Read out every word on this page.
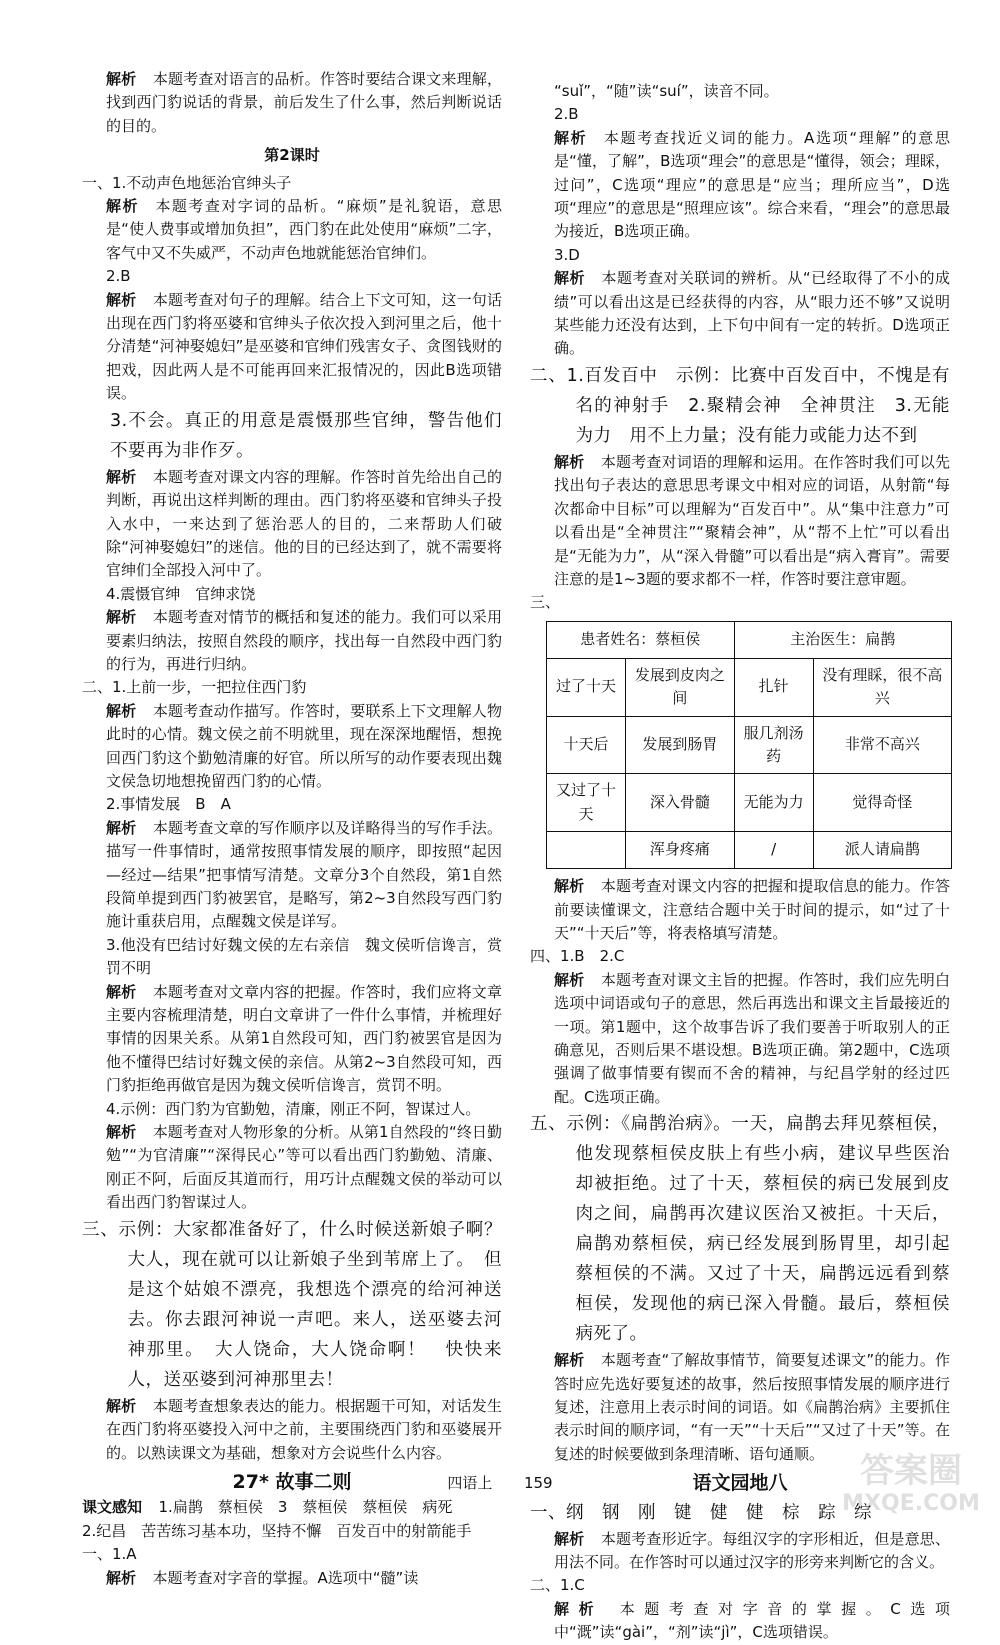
解析 本题考查对语言的品析。作答时要结合课文来理解，找到西门豹说话的背景，前后发生了什么事，然后判断说话的目的。

第2课时

一、1.不动声色地惩治官绅头子

解析 本题考查对字词的品析。“麻烦”是礼貌语，意思是“使人费事或增加负担”，西门豹在此处使用“麻烦”二字，客气中又不失威严，不动声色地就能惩治官绅们。

2.B

解析 本题考查对句子的理解。结合上下文可知，这一句话出现在西门豹将巫婆和官绅头子依次投入到河里之后，他十分清楚“河神娶媳妇”是巫婆和官绅们残害女子、贪图钱财的把戏，因此两人是不可能再回来汇报情况的，因此B选项错误。

3.不会。真正的用意是震慑那些官绅，警告他们不要再为非作歹。

解析 本题考查对课文内容的理解。作答时首先给出自己的判断，再说出这样判断的理由。西门豹将巫婆和官绅头子投入水中，一来达到了惩治恶人的目的，二来帮助人们破除“河神娶媳妇”的迷信。他的目的已经达到了，就不需要将官绅们全部投入河中了。

4.震慑官绅　官绅求饶

解析 本题考查对情节的概括和复述的能力。我们可以采用要素归纳法，按照自然段的顺序，找出每一自然段中西门豹的行为，再进行归纳。

二、1.上前一步，一把拉住西门豹

解析 本题考查动作描写。作答时，要联系上下文理解人物此时的心情。魏文侯之前不明就里，现在深深地醒悟，想挽回西门豹这个勤勉清廉的好官。所以所写的动作要表现出魏文侯急切地想挽留西门豹的心情。

2.事情发展　B　A

解析 本题考查文章的写作顺序以及详略得当的写作手法。描写一件事情时，通常按照事情发展的顺序，即按照“起因—经过—结果”把事情写清楚。文章分3个自然段，第1自然段简单提到西门豹被罢官，是略写，第2~3自然段写西门豹施计重获启用，点醒魏文侯是详写。

3.他没有巴结讨好魏文侯的左右亲信　魏文侯听信谗言，赏罚不明

解析 本题考查对文章内容的把握。作答时，我们应将文章主要内容梳理清楚，明白文章讲了一件什么事情，并梳理好事情的因果关系。从第1自然段可知，西门豹被罢官是因为他不懂得巴结讨好魏文侯的亲信。从第2~3自然段可知，西门豹拒绝再做官是因为魏文侯听信谗言，赏罚不明。

4.示例：西门豹为官勤勉，清廉，刚正不阿，智谋过人。

解析 本题考查对人物形象的分析。从第1自然段的“终日勤勉”“为官清廉”“深得民心”等可以看出西门豹勤勉、清廉、刚正不阿，后面反其道而行，用巧计点醒魏文侯的举动可以看出西门豹智谋过人。

三、示例：大家都准备好了，什么时候送新娘子啊？　大人，现在就可以让新娘子坐到苇席上了。　但是这个姑娘不漂亮，我想选个漂亮的给河神送去。你去跟河神说一声吧。来人，送巫婆去河神那里。　大人饶命，大人饶命啊！　快快来人，送巫婆到河神那里去！

解析 本题考查想象表达的能力。根据题干可知，对话发生在西门豹将巫婆投入河中之前，主要围绕西门豹和巫婆展开的。以熟读课文为基础，想象对方会说些什么内容。

27* 故事二则

课文感知 1.扁鹊　蔡桓侯　3　蔡桓侯　蔡桓侯　病死

2.纪昌　苦苦练习基本功，坚持不懈　百发百中的射箭能手

一、1.A

解析 本题考查对字音的掌握。A选项中“髓”读

“suǐ”，“随”读“suí”，读音不同。

2.B

解析 本题考查找近义词的能力。A选项“理解”的意思是“懂，了解”，B选项“理会”的意思是“懂得，领会；理睬，过问”，C选项“理应”的意思是“应当；理所应当”，D选项“理应”的意思是“照理应该”。综合来看，“理会”的意思最为接近，B选项正确。

3.D

解析 本题考查对关联词的辨析。从“已经取得了不小的成绩”可以看出这是已经获得的内容，从“眼力还不够”又说明某些能力还没有达到，上下句中间有一定的转折。D选项正确。

二、1.百发百中　示例：比赛中百发百中，不愧是有名的神射手　2.聚精会神　全神贯注　3.无能为力　用不上力量；没有能力或能力达不到

解析 本题考查对词语的理解和运用。在作答时我们可以先找出句子表达的意思思考课文中相对应的词语，从射箭“每次都命中目标”可以理解为“百发百中”。从“集中注意力”可以看出是“全神贯注”“聚精会神”，从“帮不上忙”可以看出是“无能为力”，从“深入骨髓”可以看出是“病入膏肓”。需要注意的是1~3题的要求都不一样，作答时要注意审题。

三、

患者姓名：蔡桓侯		主治医生：扁鹊	
过了十天	发展到皮肉之间	扎针	没有理睬，很不高兴
十天后	发展到肠胃	服几剂汤药	非常不高兴
又过了十天	深入骨髓	无能为力	觉得奇怪
	浑身疼痛	/	派人请扁鹊

解析 本题考查对课文内容的把握和提取信息的能力。作答前要读懂课文，注意结合题中关于时间的提示，如“过了十天”“十天后”等，将表格填写清楚。

四、1.B　2.C

解析 本题考查对课文主旨的把握。作答时，我们应先明白选项中词语或句子的意思，然后再选出和课文主旨最接近的一项。第1题中，这个故事告诉了我们要善于听取别人的正确意见，否则后果不堪设想。B选项正确。第2题中，C选项强调了做事情要有锲而不舍的精神，与纪昌学射的经过匹配。C选项正确。

五、示例：《扁鹊治病》。一天，扁鹊去拜见蔡桓侯，他发现蔡桓侯皮肤上有些小病，建议早些医治却被拒绝。过了十天，蔡桓侯的病已发展到皮肉之间，扁鹊再次建议医治又被拒。十天后，扁鹊劝蔡桓侯，病已经发展到肠胃里，却引起蔡桓侯的不满。又过了十天，扁鹊远远看到蔡桓侯，发现他的病已深入骨髓。最后，蔡桓侯病死了。

解析 本题考查“了解故事情节，简要复述课文”的能力。作答时应先选好要复述的故事，然后按照事情发展的顺序进行复述，注意用上表示时间的词语。如《扁鹊治病》主要抓住表示时间的顺序词，“有一天”“十天后”“又过了十天”等。在复述的时候要做到条理清晰、语句通顺。

语文园地八

一、纲　钢　刚　键　健　健　棕　踪　综

解析 本题考查形近字。每组汉字的字形相近，但是意思、用法不同。在作答时可以通过汉字的形旁来判断它的含义。

二、1.C

解析 本题考查对字音的掌握。C选项中“溉”读“gài”，“剂”读“jì”，C选项错误。

四语上 159	答案圈
MXQE.COM
